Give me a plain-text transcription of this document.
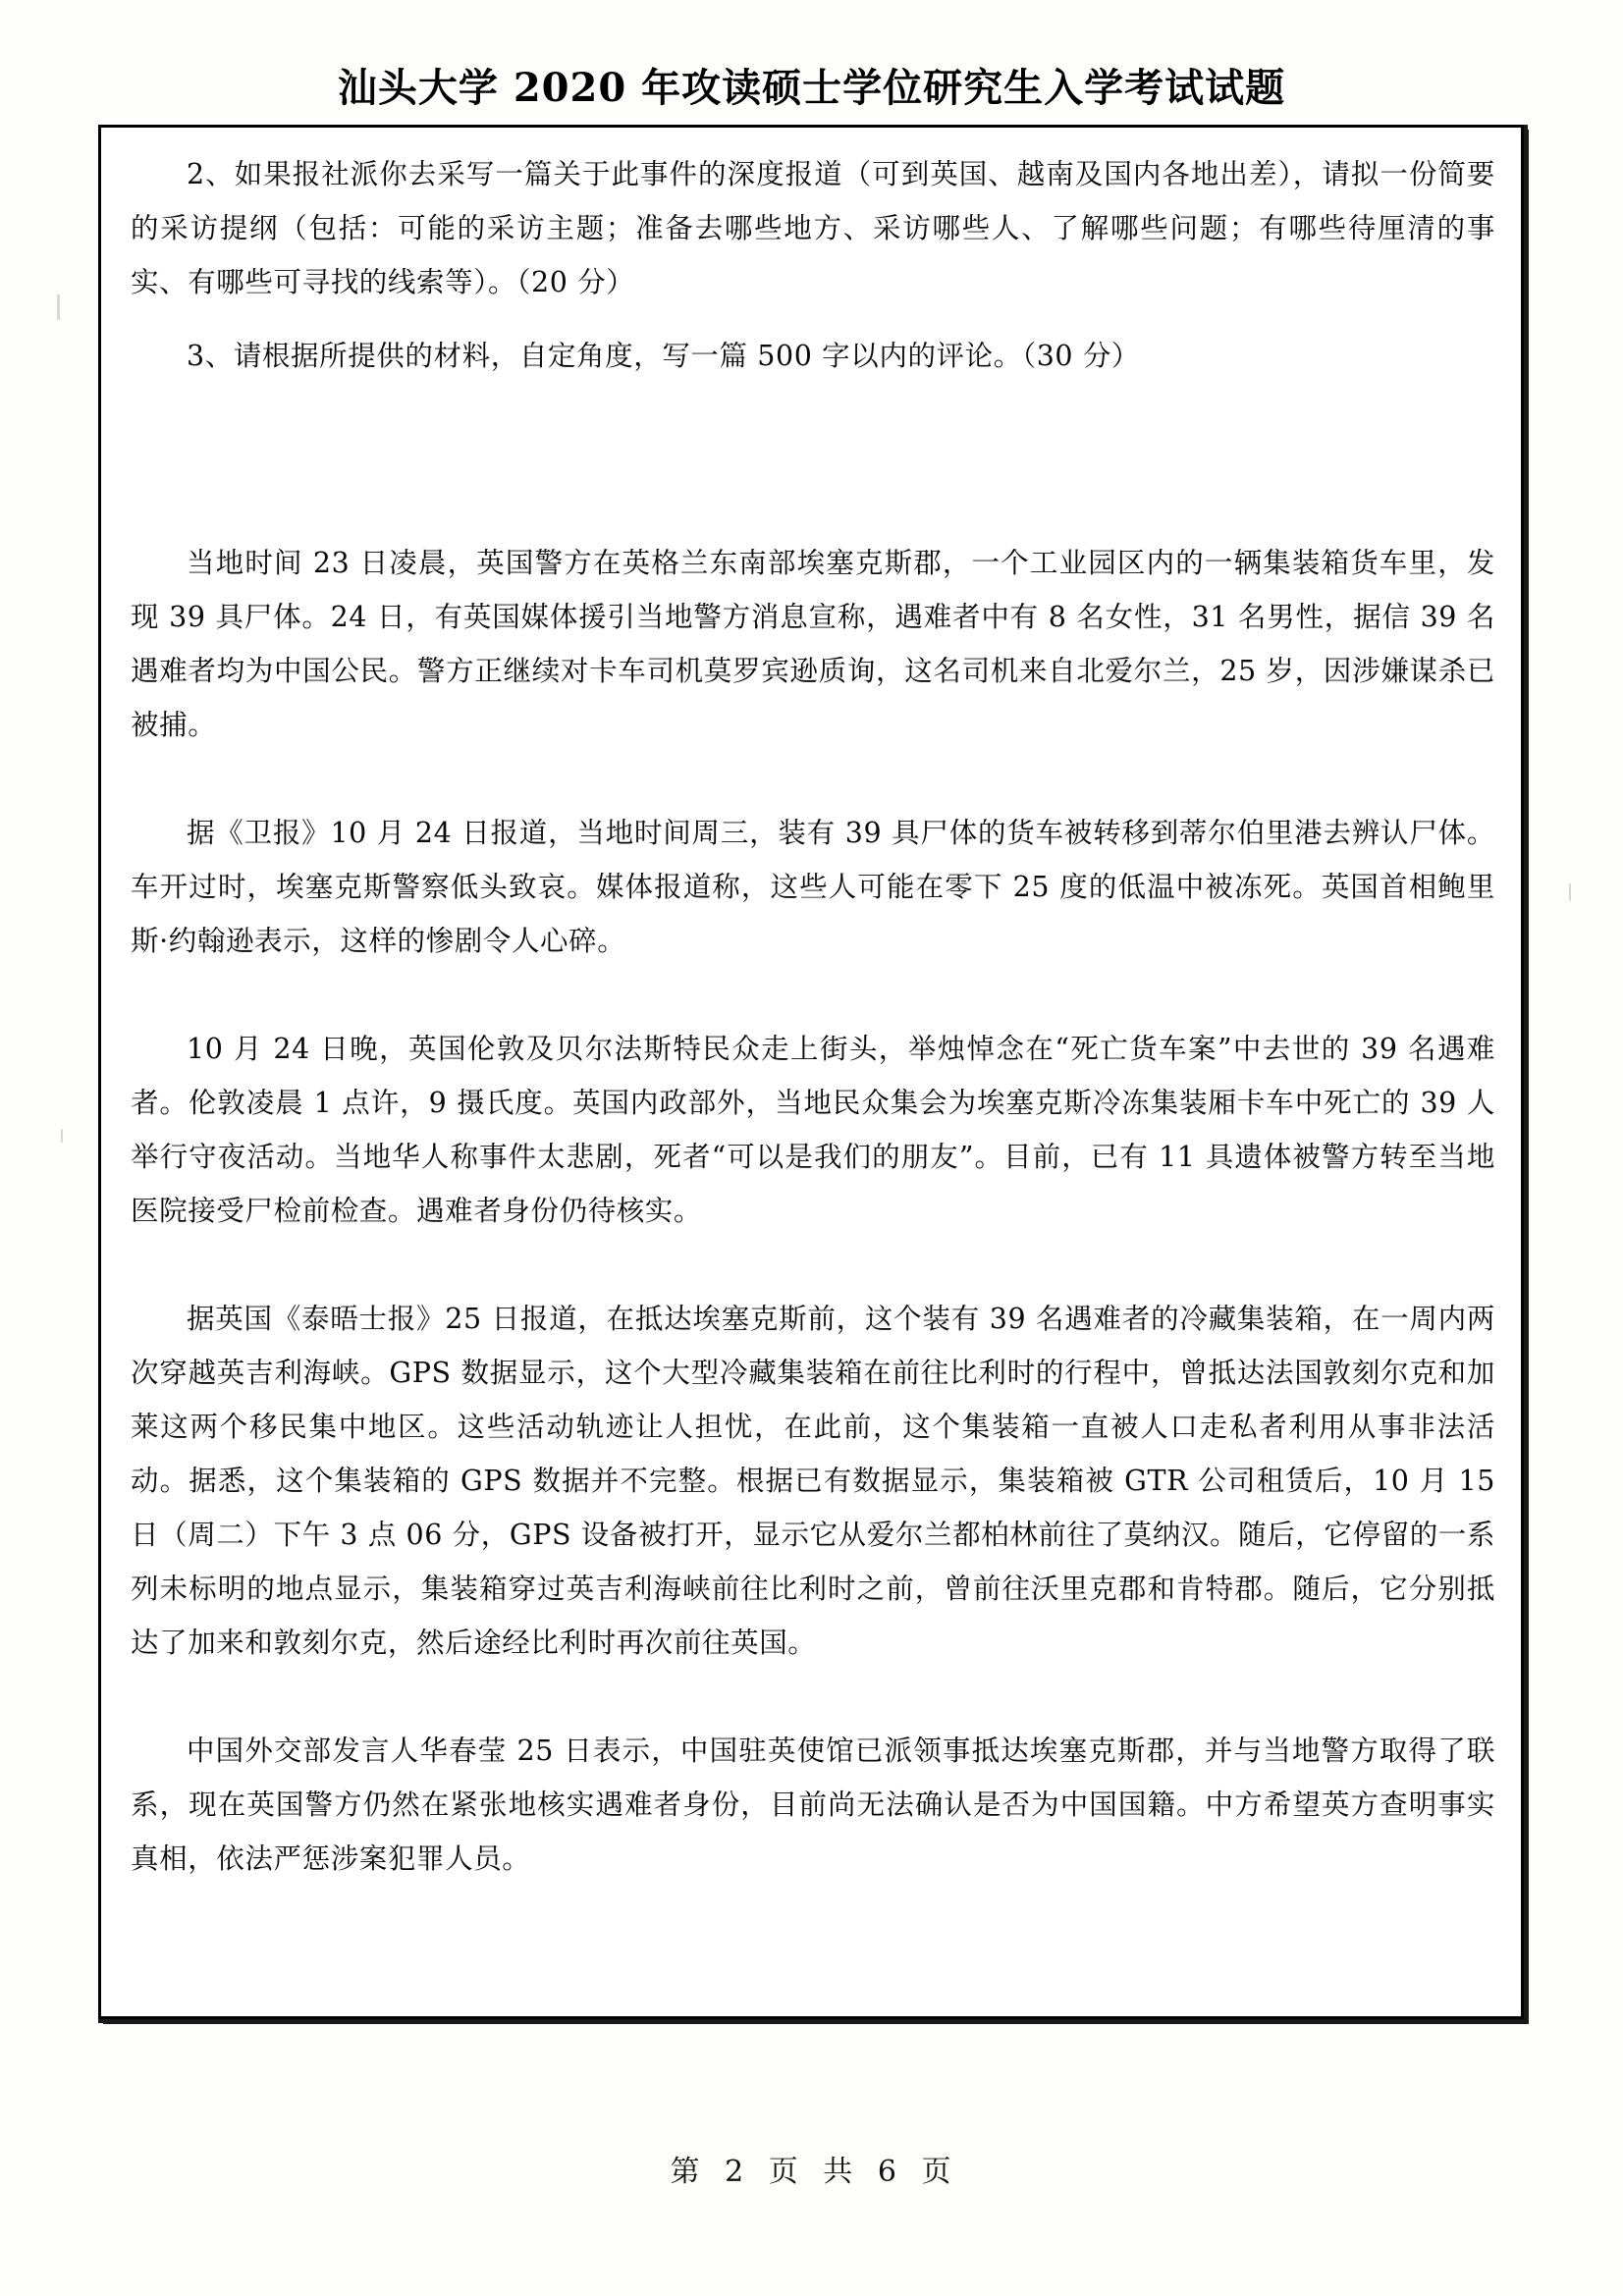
汕头大学 2020 年攻读硕士学位研究生入学考试试题
2、如果报社派你去采写一篇关于此事件的深度报道（可到英国、越南及国内各地出差），请拟一份简要的采访提纲（包括：可能的采访主题；准备去哪些地方、采访哪些人、了解哪些问题；有哪些待厘清的事实、有哪些可寻找的线索等）。（20 分）
3、请根据所提供的材料，自定角度，写一篇 500 字以内的评论。（30 分）
当地时间 23 日凌晨，英国警方在英格兰东南部埃塞克斯郡，一个工业园区内的一辆集装箱货车里，发现 39 具尸体。24 日，有英国媒体援引当地警方消息宣称，遇难者中有 8 名女性，31 名男性，据信 39 名遇难者均为中国公民。警方正继续对卡车司机莫罗宾逊质询，这名司机来自北爱尔兰，25 岁，因涉嫌谋杀已被捕。
据《卫报》10 月 24 日报道，当地时间周三，装有 39 具尸体的货车被转移到蒂尔伯里港去辨认尸体。车开过时，埃塞克斯警察低头致哀。媒体报道称，这些人可能在零下 25 度的低温中被冻死。英国首相鲍里斯·约翰逊表示，这样的惨剧令人心碎。
10 月 24 日晚，英国伦敦及贝尔法斯特民众走上街头，举烛悼念在“死亡货车案”中去世的 39 名遇难者。伦敦凌晨 1 点许，9 摄氏度。英国内政部外，当地民众集会为埃塞克斯冷冻集装厢卡车中死亡的 39 人举行守夜活动。当地华人称事件太悲剧，死者“可以是我们的朋友”。目前，已有 11 具遗体被警方转至当地医院接受尸检前检查。遇难者身份仍待核实。
据英国《泰晤士报》25 日报道，在抵达埃塞克斯前，这个装有 39 名遇难者的冷藏集装箱，在一周内两次穿越英吉利海峡。GPS 数据显示，这个大型冷藏集装箱在前往比利时的行程中，曾抵达法国敦刻尔克和加莱这两个移民集中地区。这些活动轨迹让人担忧，在此前，这个集装箱一直被人口走私者利用从事非法活动。据悉，这个集装箱的 GPS 数据并不完整。根据已有数据显示，集装箱被 GTR 公司租赁后，10 月 15 日（周二）下午 3 点 06 分，GPS 设备被打开，显示它从爱尔兰都柏林前往了莫纳汉。随后，它停留的一系列未标明的地点显示，集装箱穿过英吉利海峡前往比利时之前，曾前往沃里克郡和肯特郡。随后，它分别抵达了加来和敦刻尔克，然后途经比利时再次前往英国。
中国外交部发言人华春莹 25 日表示，中国驻英使馆已派领事抵达埃塞克斯郡，并与当地警方取得了联系，现在英国警方仍然在紧张地核实遇难者身份，目前尚无法确认是否为中国国籍。中方希望英方查明事实真相，依法严惩涉案犯罪人员。
第 2 页 共 6 页
